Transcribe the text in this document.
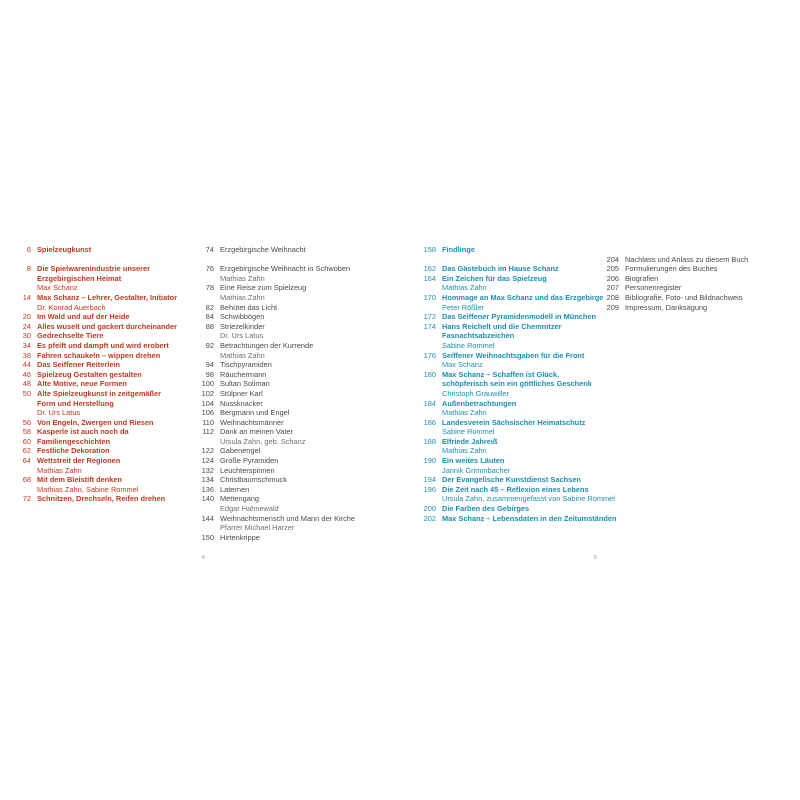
6 Spielzeugkunst
8 Die Spielwarenindustrie unserer
Erzgebirgischen Heimat
Max Schanz
14 Max Schanz – Lehrer, Gestalter, Initiator
Dr. Konrad Auerbach
20 Im Wald und auf der Heide
24 Alles wuselt und gackert durcheinander
30 Gedrechselte Tiere
34 Es pfeift und dampft und wird erobert
38 Fahren schaukeln – wippen drehen
44 Das Seiffener Reiterlein
46 Spielzeug Gestalten gestalten
48 Alte Motive, neue Formen
50 Alte Spielzeugkunst in zeitgemäßer
Form und Herstellung
Dr. Urs Latus
56 Von Engeln, Zwergen und Riesen
58 Kasperle ist auch noch da
60 Familiengeschichten
62 Festliche Dekoration
64 Wettstreit der Regionen
Mathias Zahn
68 Mit dem Bleistift denken
Mathias Zahn, Sabine Rommel
72 Schnitzen, Drechseln, Reifen drehen
74 Erzgebirgische Weihnacht
76 Erzgebirgische Weihnacht in Schwoben
Mathias Zahn
78 Eine Reise zum Spielzeug
Mathias Zahn
82 Behütet das Licht
84 Schwibbögen
88 Striezelkinder
Dr. Urs Latus
92 Betrachtungen der Kurrende
Mathias Zahn
94 Tischpyramiden
98 Räuchermann
100 Sultan Soliman
102 Stülpner Karl
104 Nussknacker
106 Bergmann und Engel
110 Weihnachtsmänner
112 Dank an meinen Vater
Ursula Zahn, geb. Schanz
122 Gabenengel
124 Große Pyramiden
132 Leuchterspinnen
134 Christbaumschmuck
136 Laternen
140 Mettengang
Edgar Hahnewald
144 Weihnachtsmensch und Mann der Kirche
Pfarrer Michael Harzer
150 Hirtenkrippe
4
158 Findlinge
162 Das Gästebuch im Hause Schanz
164 Ein Zeichen für das Spielzeug
Mathias Zahn
170 Hommage an Max Schanz und das Erzgebirge
Peter Rößler
172 Das Seiffener Pyramidenmodell in München
174 Hans Reichelt und die Chemnitzer
Fasnachtsabzeichen
Sabine Rommel
176 Seiffener Weihnachtsgaben für die Front
Max Schanz
180 Max Schanz – Schaffen ist Glück,
schöpferisch sein ein göttliches Geschenk
Christoph Grauwiller
184 Außenbetrachtungen
Mathias Zahn
186 Landesverein Sächsischer Heimatschutz
Sabine Rommel
188 Elfriede Jahreiß
Mathias Zahn
190 Ein weites Läuten
Jannik Grimmbacher
194 Der Evangelische Kunstdienst Sachsen
196 Die Zeit nach 45 – Reflexion eines Lebens
Ursula Zahn, zusammengefasst von Sabine Rommel
200 Die Farben des Gebirges
202 Max Schanz – Lebensdaten in den Zeitumständen
204 Nachlass und Anlass zu diesem Buch
205 Formulierungen des Buches
206 Biografien
207 Personenregister
208 Bibliografie, Foto- und Bildnachweis
209 Impressum, Danksagung
5
